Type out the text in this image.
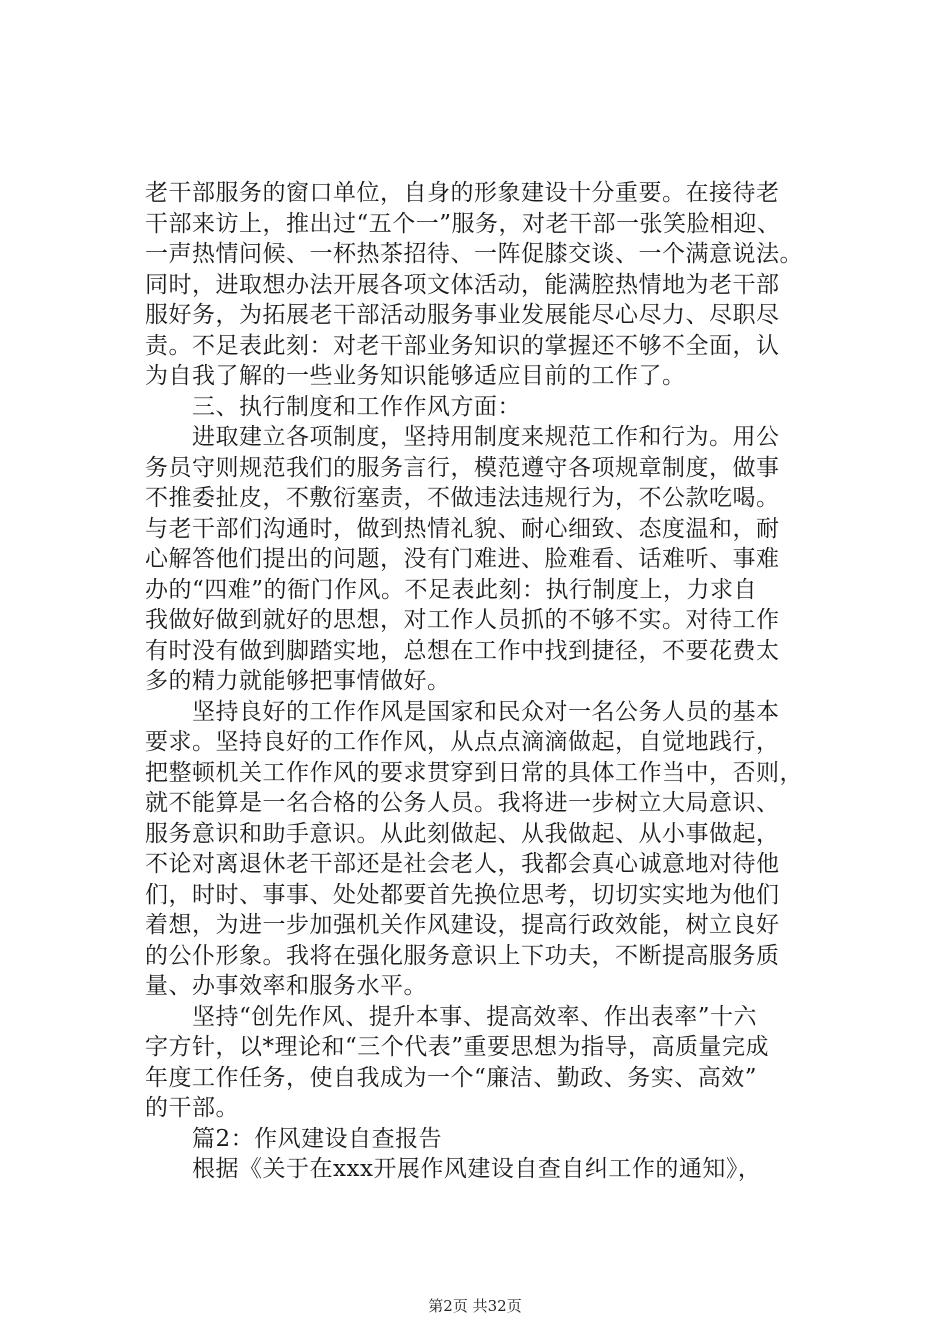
老干部服务的窗口单位，自身的形象建设十分重要。在接待老
干部来访上，推出过“五个一”服务，对老干部一张笑脸相迎、
一声热情问候、一杯热茶招待、一阵促膝交谈、一个满意说法。
同时，进取想办法开展各项文体活动，能满腔热情地为老干部
服好务，为拓展老干部活动服务事业发展能尽心尽力、尽职尽
责。不足表此刻：对老干部业务知识的掌握还不够不全面，认
为自我了解的一些业务知识能够适应目前的工作了。
　　三、执行制度和工作作风方面：
　　进取建立各项制度，坚持用制度来规范工作和行为。用公
务员守则规范我们的服务言行，模范遵守各项规章制度，做事
不推委扯皮，不敷衍塞责，不做违法违规行为，不公款吃喝。
与老干部们沟通时，做到热情礼貌、耐心细致、态度温和，耐
心解答他们提出的问题，没有门难进、脸难看、话难听、事难
办的“四难”的衙门作风。不足表此刻：执行制度上，力求自
我做好做到就好的思想，对工作人员抓的不够不实。对待工作
有时没有做到脚踏实地，总想在工作中找到捷径，不要花费太
多的精力就能够把事情做好。
　　坚持良好的工作作风是国家和民众对一名公务人员的基本
要求。坚持良好的工作作风，从点点滴滴做起，自觉地践行，
把整顿机关工作作风的要求贯穿到日常的具体工作当中，否则，
就不能算是一名合格的公务人员。我将进一步树立大局意识、
服务意识和助手意识。从此刻做起、从我做起、从小事做起，
不论对离退休老干部还是社会老人，我都会真心诚意地对待他
们，时时、事事、处处都要首先换位思考，切切实实地为他们
着想，为进一步加强机关作风建设，提高行政效能，树立良好
的公仆形象。我将在强化服务意识上下功夫，不断提高服务质
量、办事效率和服务水平。
　　坚持“创先作风、提升本事、提高效率、作出表率”十六
字方针，以*理论和“三个代表”重要思想为指导，高质量完成
年度工作任务，使自我成为一个“廉洁、勤政、务实、高效”
的干部。
　　篇2：作风建设自查报告
　　根据《关于在xxx开展作风建设自查自纠工作的通知》，
第2页 共32页
